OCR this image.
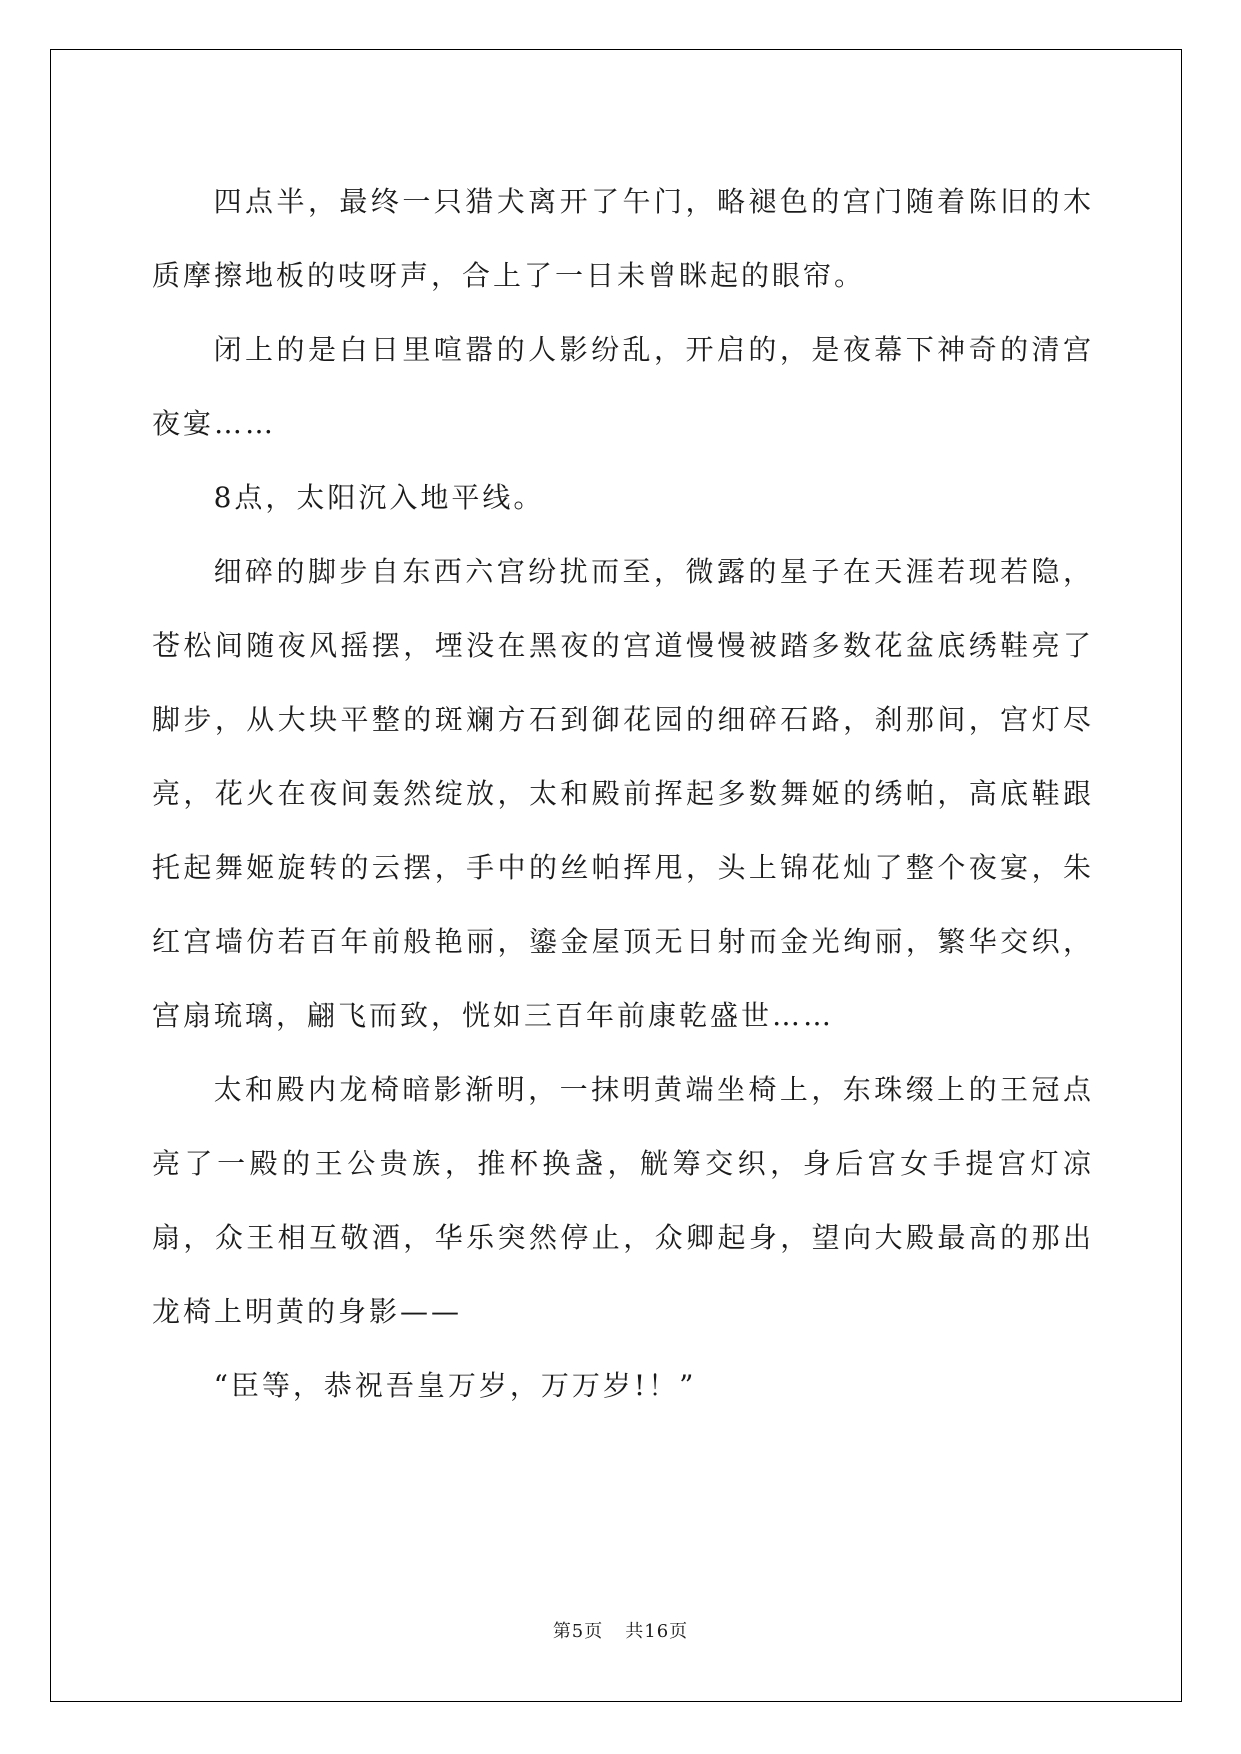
四点半，最终一只猎犬离开了午门，略褪色的宫门随着陈旧的木质摩擦地板的吱呀声，合上了一日未曾眯起的眼帘。

闭上的是白日里喧嚣的人影纷乱，开启的，是夜幕下神奇的清宫夜宴……

8点，太阳沉入地平线。

细碎的脚步自东西六宫纷扰而至，微露的星子在天涯若现若隐，苍松间随夜风摇摆，堙没在黑夜的宫道慢慢被踏多数花盆底绣鞋亮了脚步，从大块平整的斑斓方石到御花园的细碎石路，刹那间，宫灯尽亮，花火在夜间轰然绽放，太和殿前挥起多数舞姬的绣帕，高底鞋跟托起舞姬旋转的云摆，手中的丝帕挥甩，头上锦花灿了整个夜宴，朱红宫墙仿若百年前般艳丽，鎏金屋顶无日射而金光绚丽，繁华交织，宫扇琉璃，翩飞而致，恍如三百年前康乾盛世……

太和殿内龙椅暗影渐明，一抹明黄端坐椅上，东珠缀上的王冠点亮了一殿的王公贵族，推杯换盏，觥筹交织，身后宫女手提宫灯凉扇，众王相互敬酒，华乐突然停止，众卿起身，望向大殿最高的那出龙椅上明黄的身影——

“臣等，恭祝吾皇万岁，万万岁!！”

第5页 共16页
